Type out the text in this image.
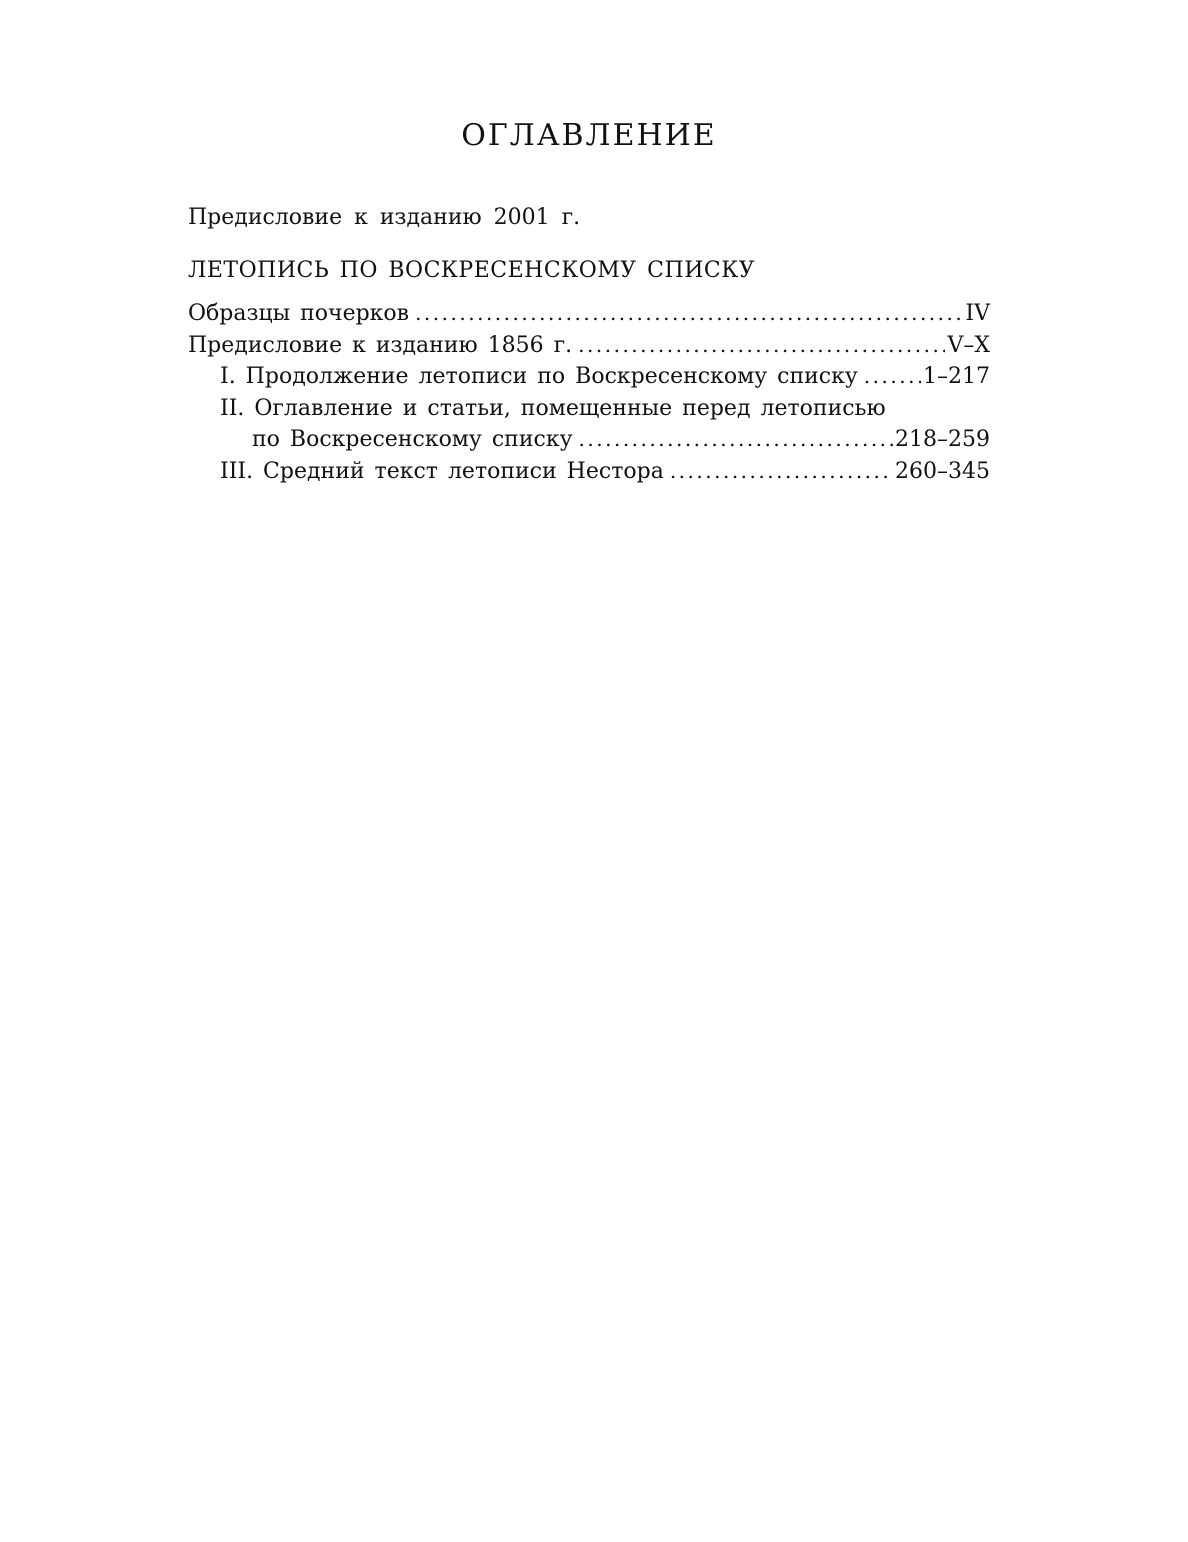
ОГЛАВЛЕНИЕ

Предисловие к изданию 2001 г.

ЛЕТОПИСЬ ПО ВОСКРЕСЕНСКОМУ СПИСКУ

Образцы почерков .....	IV
Предисловие к изданию 1856 г. .....	V–X
I. Продолжение летописи по Воскресенскому списку .....	1–217
II. Оглавление и статьи, помещенные перед летописью
по Воскресенскому списку .....	218–259
III. Средний текст летописи Нестора .....	260–345
